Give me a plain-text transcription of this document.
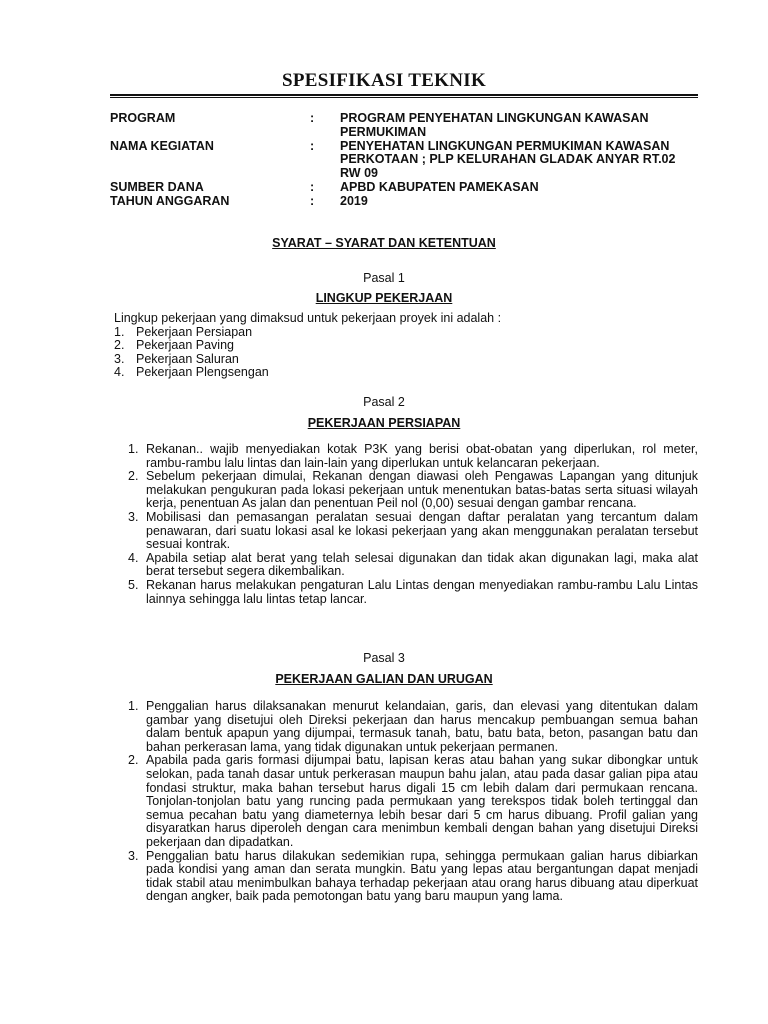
SPESIFIKASI TEKNIK
PROGRAM	:	PROGRAM PENYEHATAN LINGKUNGAN KAWASAN PERMUKIMAN
NAMA KEGIATAN	:	PENYEHATAN LINGKUNGAN PERMUKIMAN KAWASAN PERKOTAAN ; PLP KELURAHAN GLADAK ANYAR RT.02 RW 09
SUMBER DANA	:	APBD KABUPATEN PAMEKASAN
TAHUN ANGGARAN	:	2019
SYARAT – SYARAT DAN KETENTUAN
Pasal 1
LINGKUP PEKERJAAN
Lingkup pekerjaan yang dimaksud untuk pekerjaan proyek ini adalah :
1. Pekerjaan Persiapan
2. Pekerjaan Paving
3. Pekerjaan Saluran
4. Pekerjaan Plengsengan
Pasal 2
PEKERJAAN PERSIAPAN
1. Rekanan.. wajib menyediakan kotak P3K yang berisi obat-obatan yang diperlukan, rol meter, rambu-rambu lalu lintas dan lain-lain yang diperlukan untuk kelancaran pekerjaan.
2. Sebelum pekerjaan dimulai, Rekanan dengan diawasi oleh Pengawas Lapangan yang ditunjuk melakukan pengukuran pada lokasi pekerjaan untuk menentukan batas-batas serta situasi wilayah kerja, penentuan As jalan dan penentuan Peil nol (0,00) sesuai dengan gambar rencana.
3. Mobilisasi dan pemasangan peralatan sesuai dengan daftar peralatan yang tercantum dalam penawaran, dari suatu lokasi asal ke lokasi pekerjaan yang akan menggunakan peralatan tersebut sesuai kontrak.
4. Apabila setiap alat berat yang telah selesai digunakan dan tidak akan digunakan lagi, maka alat berat tersebut segera dikembalikan.
5. Rekanan harus melakukan pengaturan Lalu Lintas dengan menyediakan rambu-rambu Lalu Lintas lainnya sehingga lalu lintas tetap lancar.
Pasal 3
PEKERJAAN GALIAN DAN URUGAN
1. Penggalian harus dilaksanakan menurut kelandaian, garis, dan elevasi yang ditentukan dalam gambar yang disetujui oleh Direksi pekerjaan dan harus mencakup pembuangan semua bahan dalam bentuk apapun yang dijumpai, termasuk tanah, batu, batu bata, beton, pasangan batu dan bahan perkerasan lama, yang tidak digunakan untuk pekerjaan permanen.
2. Apabila pada garis formasi dijumpai batu, lapisan keras atau bahan yang sukar dibongkar untuk selokan, pada tanah dasar untuk perkerasan maupun bahu jalan, atau pada dasar galian pipa atau fondasi struktur, maka bahan tersebut harus digali 15 cm lebih dalam dari permukaan rencana. Tonjolan-tonjolan batu yang runcing pada permukaan yang terekspos tidak boleh tertinggal dan semua pecahan batu yang diameternya lebih besar dari 5 cm harus dibuang. Profil galian yang disyaratkan harus diperoleh dengan cara menimbun kembali dengan bahan yang disetujui Direksi pekerjaan dan dipadatkan.
3. Penggalian batu harus dilakukan sedemikian rupa, sehingga permukaan galian harus dibiarkan pada kondisi yang aman dan serata mungkin. Batu yang lepas atau bergantungan dapat menjadi tidak stabil atau menimbulkan bahaya terhadap pekerjaan atau orang harus dibuang atau diperkuat dengan angker, baik pada pemotongan batu yang baru maupun yang lama.
